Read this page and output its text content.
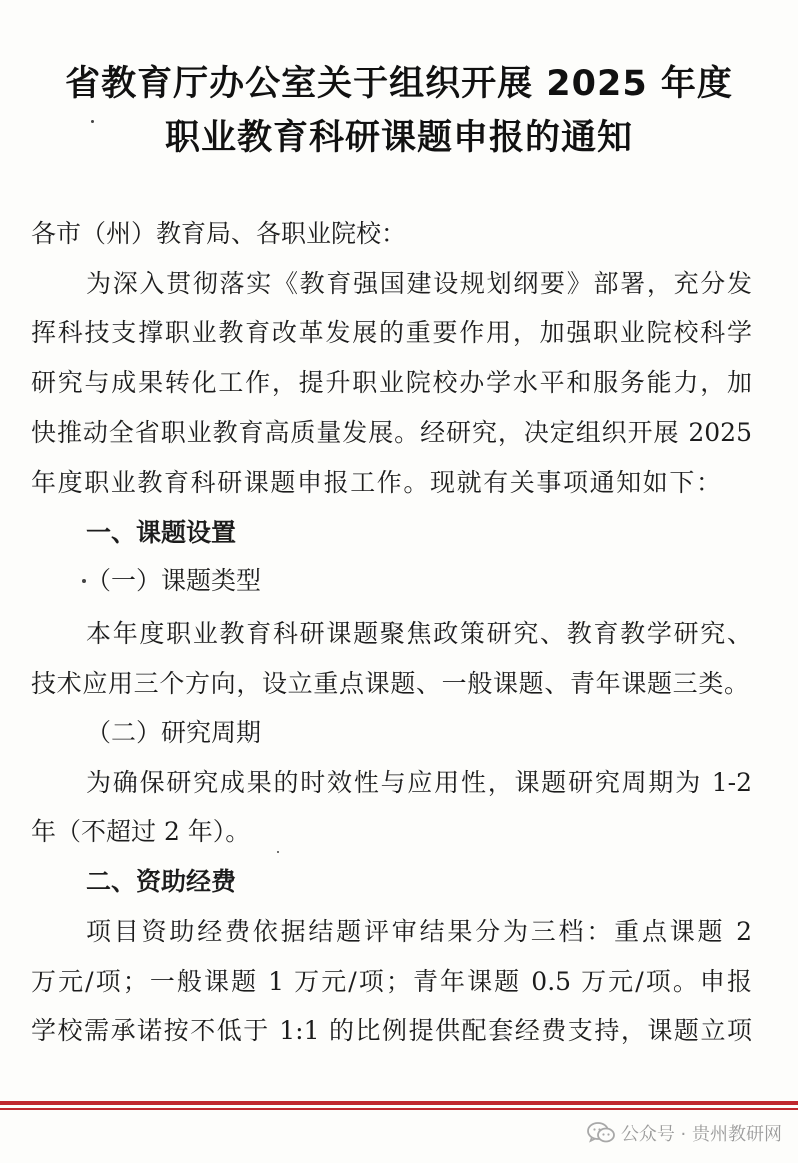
省教育厅办公室关于组织开展 2025 年度
职业教育科研课题申报的通知
各市（州）教育局、各职业院校：
为深入贯彻落实《教育强国建设规划纲要》部署，充分发
挥科技支撑职业教育改革发展的重要作用，加强职业院校科学
研究与成果转化工作，提升职业院校办学水平和服务能力，加
快推动全省职业教育高质量发展。经研究，决定组织开展 2025
年度职业教育科研课题申报工作。现就有关事项通知如下：
一、课题设置
（一）课题类型
本年度职业教育科研课题聚焦政策研究、教育教学研究、
技术应用三个方向，设立重点课题、一般课题、青年课题三类。
（二）研究周期
为确保研究成果的时效性与应用性，课题研究周期为 1-2
年（不超过 2 年）。
二、资助经费
项目资助经费依据结题评审结果分为三档：重点课题 2
万元/项；一般课题 1 万元/项；青年课题 0.5 万元/项。申报
学校需承诺按不低于 1:1 的比例提供配套经费支持，课题立项
公众号 · 贵州教研网
